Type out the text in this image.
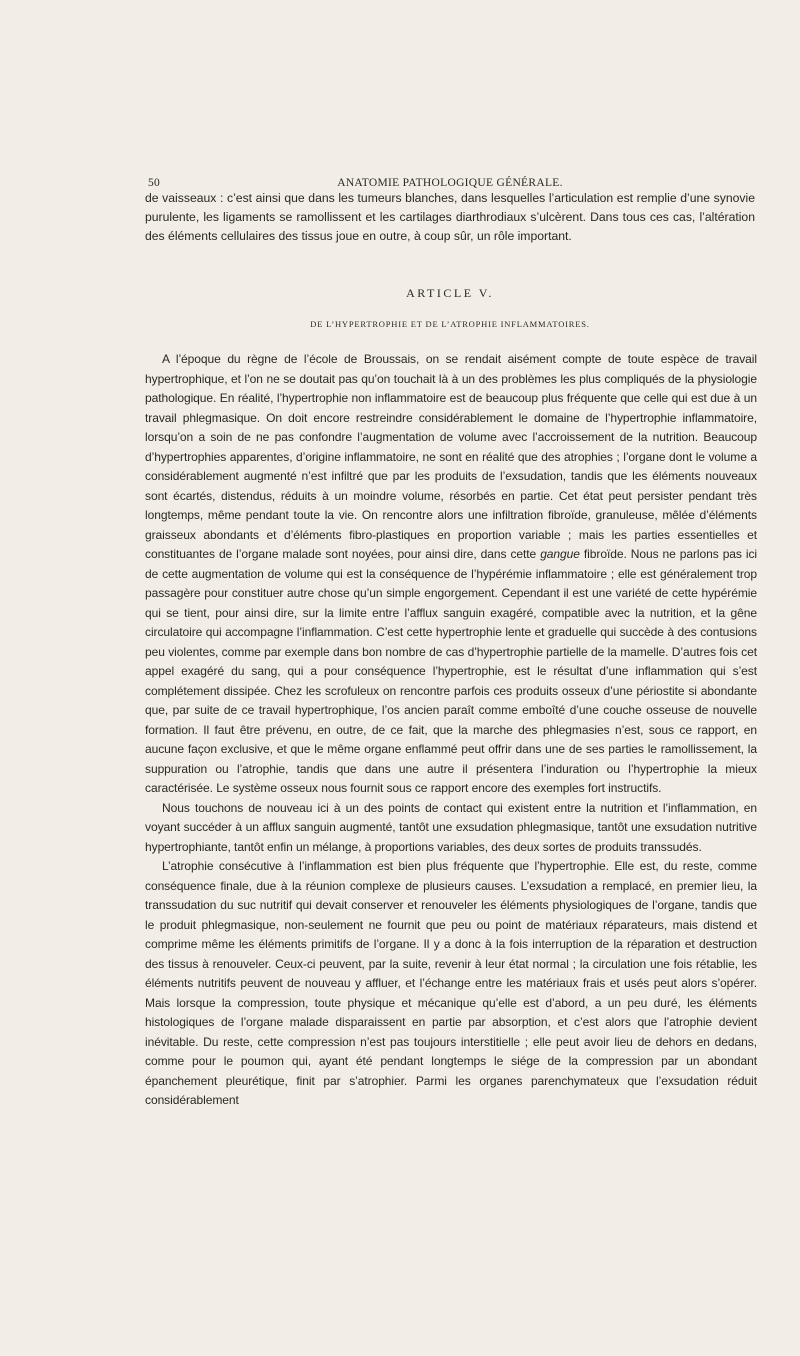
50	ANATOMIE PATHOLOGIQUE GÉNÉRALE.

de vaisseaux : c’est ainsi que dans les tumeurs blanches, dans lesquelles l’articulation est remplie d’une synovie purulente, les ligaments se ramollissent et les cartilages diarthrodiaux s’ulcèrent. Dans tous ces cas, l’altération des éléments cellulaires des tissus joue en outre, à coup sûr, un rôle important.

ARTICLE V.
DE L’HYPERTROPHIE ET DE L’ATROPHIE INFLAMMATOIRES.

A l’époque du règne de l’école de Broussais, on se rendait aisément compte de toute espèce de travail hypertrophique, et l’on ne se doutait pas qu’on touchait là à un des problèmes les plus compliqués de la physiologie pathologique. En réalité, l’hypertrophie non inflammatoire est de beaucoup plus fréquente que celle qui est due à un travail phlegmasique. On doit encore restreindre considérablement le domaine de l’hypertrophie inflammatoire, lorsqu’on a soin de ne pas confondre l’augmentation de volume avec l’accroissement de la nutrition. Beaucoup d’hypertrophies apparentes, d’origine inflammatoire, ne sont en réalité que des atrophies ; l’organe dont le volume a considérablement augmenté n’est infiltré que par les produits de l’exsudation, tandis que les éléments nouveaux sont écartés, distendus, réduits à un moindre volume, résorbés en partie. Cet état peut persister pendant très longtemps, même pendant toute la vie. On rencontre alors une infiltration fibroïde, granuleuse, mêlée d’éléments graisseux abondants et d’éléments fibro-plastiques en proportion variable ; mais les parties essentielles et constituantes de l’organe malade sont noyées, pour ainsi dire, dans cette gangue fibroïde. Nous ne parlons pas ici de cette augmentation de volume qui est la conséquence de l’hypérémie inflammatoire ; elle est généralement trop passagère pour constituer autre chose qu’un simple engorgement. Cependant il est une variété de cette hypérémie qui se tient, pour ainsi dire, sur la limite entre l’afflux sanguin exagéré, compatible avec la nutrition, et la gêne circulatoire qui accompagne l’inflammation. C’est cette hypertrophie lente et graduelle qui succède à des contusions peu violentes, comme par exemple dans bon nombre de cas d’hypertrophie partielle de la mamelle. D’autres fois cet appel exagéré du sang, qui a pour conséquence l’hypertrophie, est le résultat d’une inflammation qui s’est complétement dissipée. Chez les scrofuleux on rencontre parfois ces produits osseux d’une périostite si abondante que, par suite de ce travail hypertrophique, l’os ancien paraît comme emboîté d’une couche osseuse de nouvelle formation. Il faut être prévenu, en outre, de ce fait, que la marche des phlegmasies n’est, sous ce rapport, en aucune façon exclusive, et que le même organe enflammé peut offrir dans une de ses parties le ramollissement, la suppuration ou l’atrophie, tandis que dans une autre il présentera l’induration ou l’hypertrophie la mieux caractérisée. Le système osseux nous fournit sous ce rapport encore des exemples fort instructifs.

Nous touchons de nouveau ici à un des points de contact qui existent entre la nutrition et l’inflammation, en voyant succéder à un afflux sanguin augmenté, tantôt une exsudation phlegmasique, tantôt une exsudation nutritive hypertrophiante, tantôt enfin un mélange, à proportions variables, des deux sortes de produits transsudés.

L’atrophie consécutive à l’inflammation est bien plus fréquente que l’hypertrophie. Elle est, du reste, comme conséquence finale, due à la réunion complexe de plusieurs causes. L’exsudation a remplacé, en premier lieu, la transsudation du suc nutritif qui devait conserver et renouveler les éléments physiologiques de l’organe, tandis que le produit phlegmasique, non-seulement ne fournit que peu ou point de matériaux réparateurs, mais distend et comprime même les éléments primitifs de l’organe. Il y a donc à la fois interruption de la réparation et destruction des tissus à renouveler. Ceux-ci peuvent, par la suite, revenir à leur état normal ; la circulation une fois rétablie, les éléments nutritifs peuvent de nouveau y affluer, et l’échange entre les matériaux frais et usés peut alors s’opérer. Mais lorsque la compression, toute physique et mécanique qu’elle est d’abord, a un peu duré, les éléments histologiques de l’organe malade disparaissent en partie par absorption, et c’est alors que l’atrophie devient inévitable. Du reste, cette compression n’est pas toujours interstitielle ; elle peut avoir lieu de dehors en dedans, comme pour le poumon qui, ayant été pendant longtemps le siége de la compression par un abondant épanchement pleurétique, finit par s’atrophier. Parmi les organes parenchymateux que l’exsudation réduit considérablement
